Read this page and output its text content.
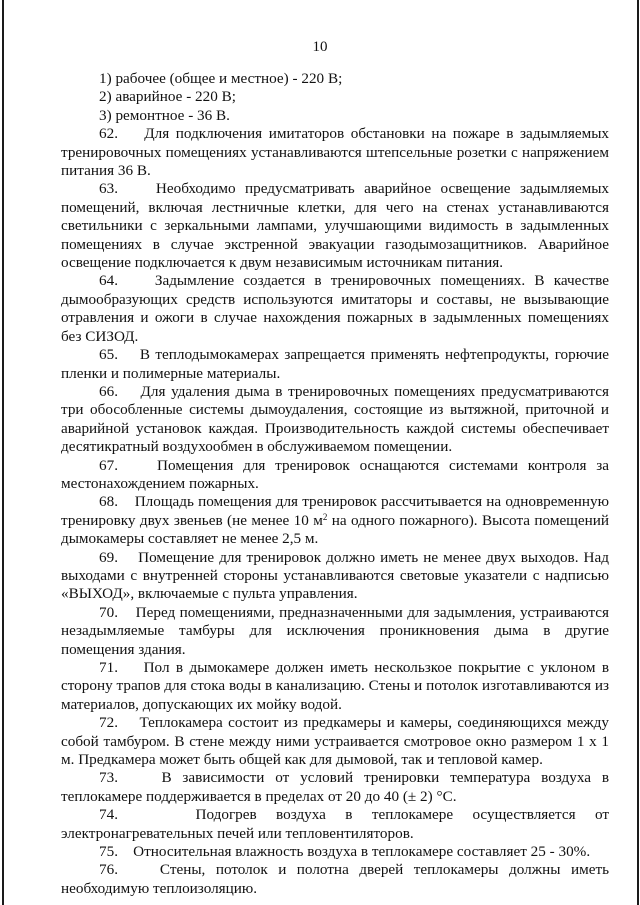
10

1) рабочее (общее и местное) - 220 В;

2) аварийное - 220 В;

3) ремонтное - 36 В.

62. Для подключения имитаторов обстановки на пожаре в задымляемых тренировочных помещениях устанавливаются штепсельные розетки с напряжением питания 36 В.

63. Необходимо предусматривать аварийное освещение задымляемых помещений, включая лестничные клетки, для чего на стенах устанавливаются светильники с зеркальными лампами, улучшающими видимость в задымленных помещениях в случае экстренной эвакуации газодымозащитников. Аварийное освещение подключается к двум независимым источникам питания.

64. Задымление создается в тренировочных помещениях. В качестве дымообразующих средств используются имитаторы и составы, не вызывающие отравления и ожоги в случае нахождения пожарных в задымленных помещениях без СИЗОД.

65. В теплодымокамерах запрещается применять нефтепродукты, горючие пленки и полимерные материалы.

66. Для удаления дыма в тренировочных помещениях предусматриваются три обособленные системы дымоудаления, состоящие из вытяжной, приточной и аварийной установок каждая. Производительность каждой системы обеспечивает десятикратный воздухообмен в обслуживаемом помещении.

67.	Помещения для тренировок оснащаются системами контроля за местонахождением пожарных.

68. Площадь помещения для тренировок рассчитывается на одновременную тренировку двух звеньев (не менее 10 $м^2$ на одного пожарного). Высота помещений дымокамеры составляет не менее 2,5 м.

69. Помещение для тренировок должно иметь не менее двух выходов. Над выходами с внутренней стороны устанавливаются световые указатели с надписью «ВЫХОД», включаемые с пульта управления.

70. Перед помещениями, предназначенными для задымления, устраиваются незадымляемые тамбуры для исключения проникновения дыма в другие помещения здания.

71. Пол в дымокамере должен иметь нескользкое покрытие с уклоном в сторону трапов для стока воды в канализацию. Стены и потолок изготавливаются из материалов, допускающих их мойку водой.

72. Теплокамера состоит из предкамеры и камеры, соединяющихся между собой тамбуром. В стене между ними устраивается смотровое окно размером 1 х 1 м. Предкамера может быть общей как для дымовой, так и тепловой камер.

73.	В зависимости от условий тренировки температура воздуха в теплокамере поддерживается в пределах от 20 до 40 (± 2) °С.

74.	Подогрев воздуха в теплокамере осуществляется от электронагревательных печей или тепловентиляторов.

75. Относительная влажность воздуха в теплокамере составляет 25 - 30%.

76.	Стены, потолок и полотна дверей теплокамеры должны иметь необходимую теплоизоляцию.
